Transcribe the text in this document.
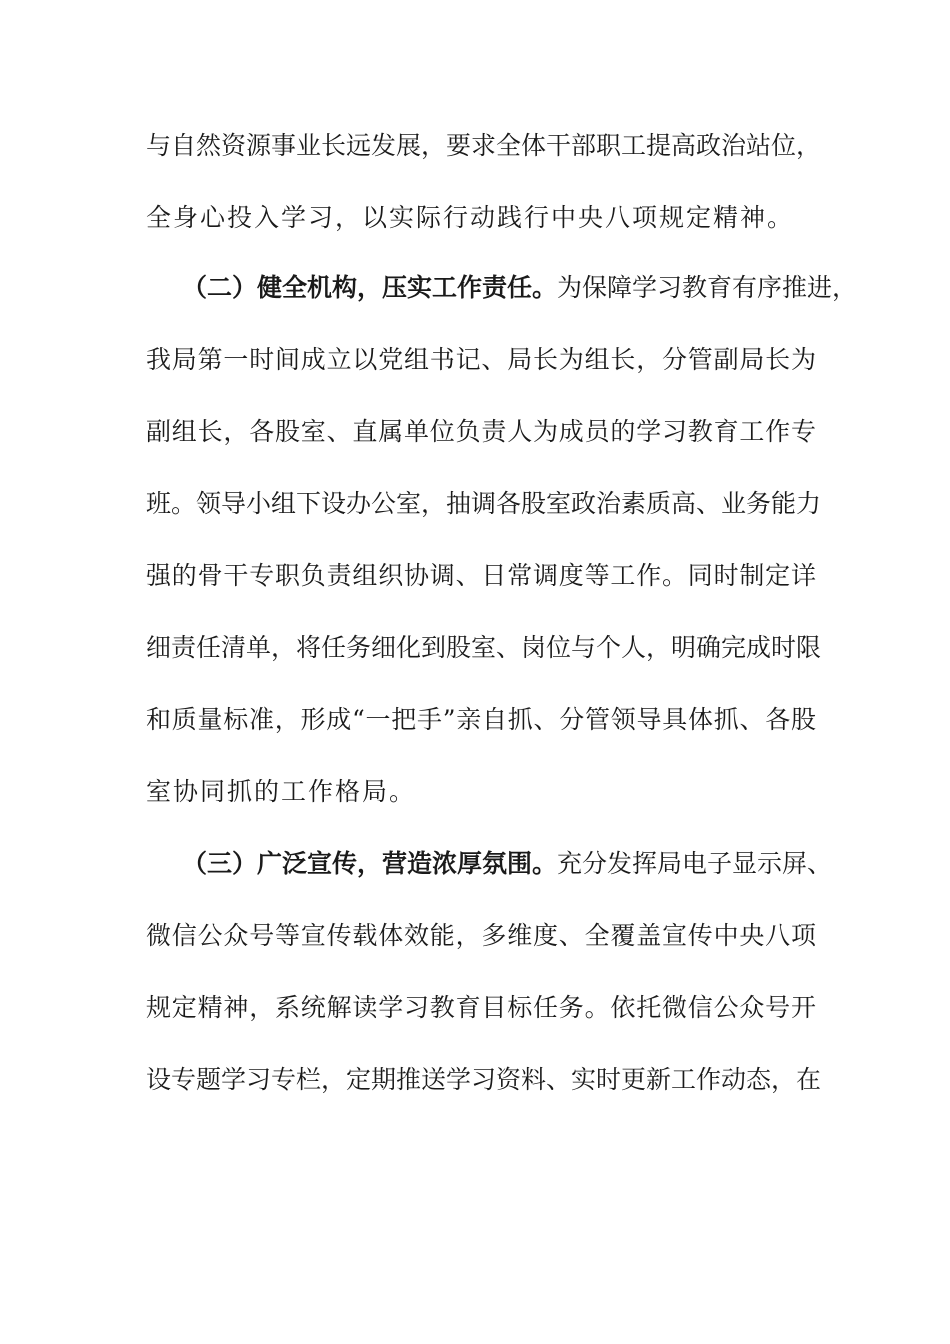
与自然资源事业长远发展，要求全体干部职工提高政治站位，
全身心投入学习，以实际行动践行中央八项规定精神。
（二）健全机构，压实工作责任。为保障学习教育有序推进，
我局第一时间成立以党组书记、局长为组长，分管副局长为
副组长，各股室、直属单位负责人为成员的学习教育工作专
班。领导小组下设办公室，抽调各股室政治素质高、业务能力
强的骨干专职负责组织协调、日常调度等工作。同时制定详
细责任清单，将任务细化到股室、岗位与个人，明确完成时限
和质量标准，形成“一把手”亲自抓、分管领导具体抓、各股
室协同抓的工作格局。
（三）广泛宣传，营造浓厚氛围。充分发挥局电子显示屏、
微信公众号等宣传载体效能，多维度、全覆盖宣传中央八项
规定精神，系统解读学习教育目标任务。依托微信公众号开
设专题学习专栏，定期推送学习资料、实时更新工作动态，在
